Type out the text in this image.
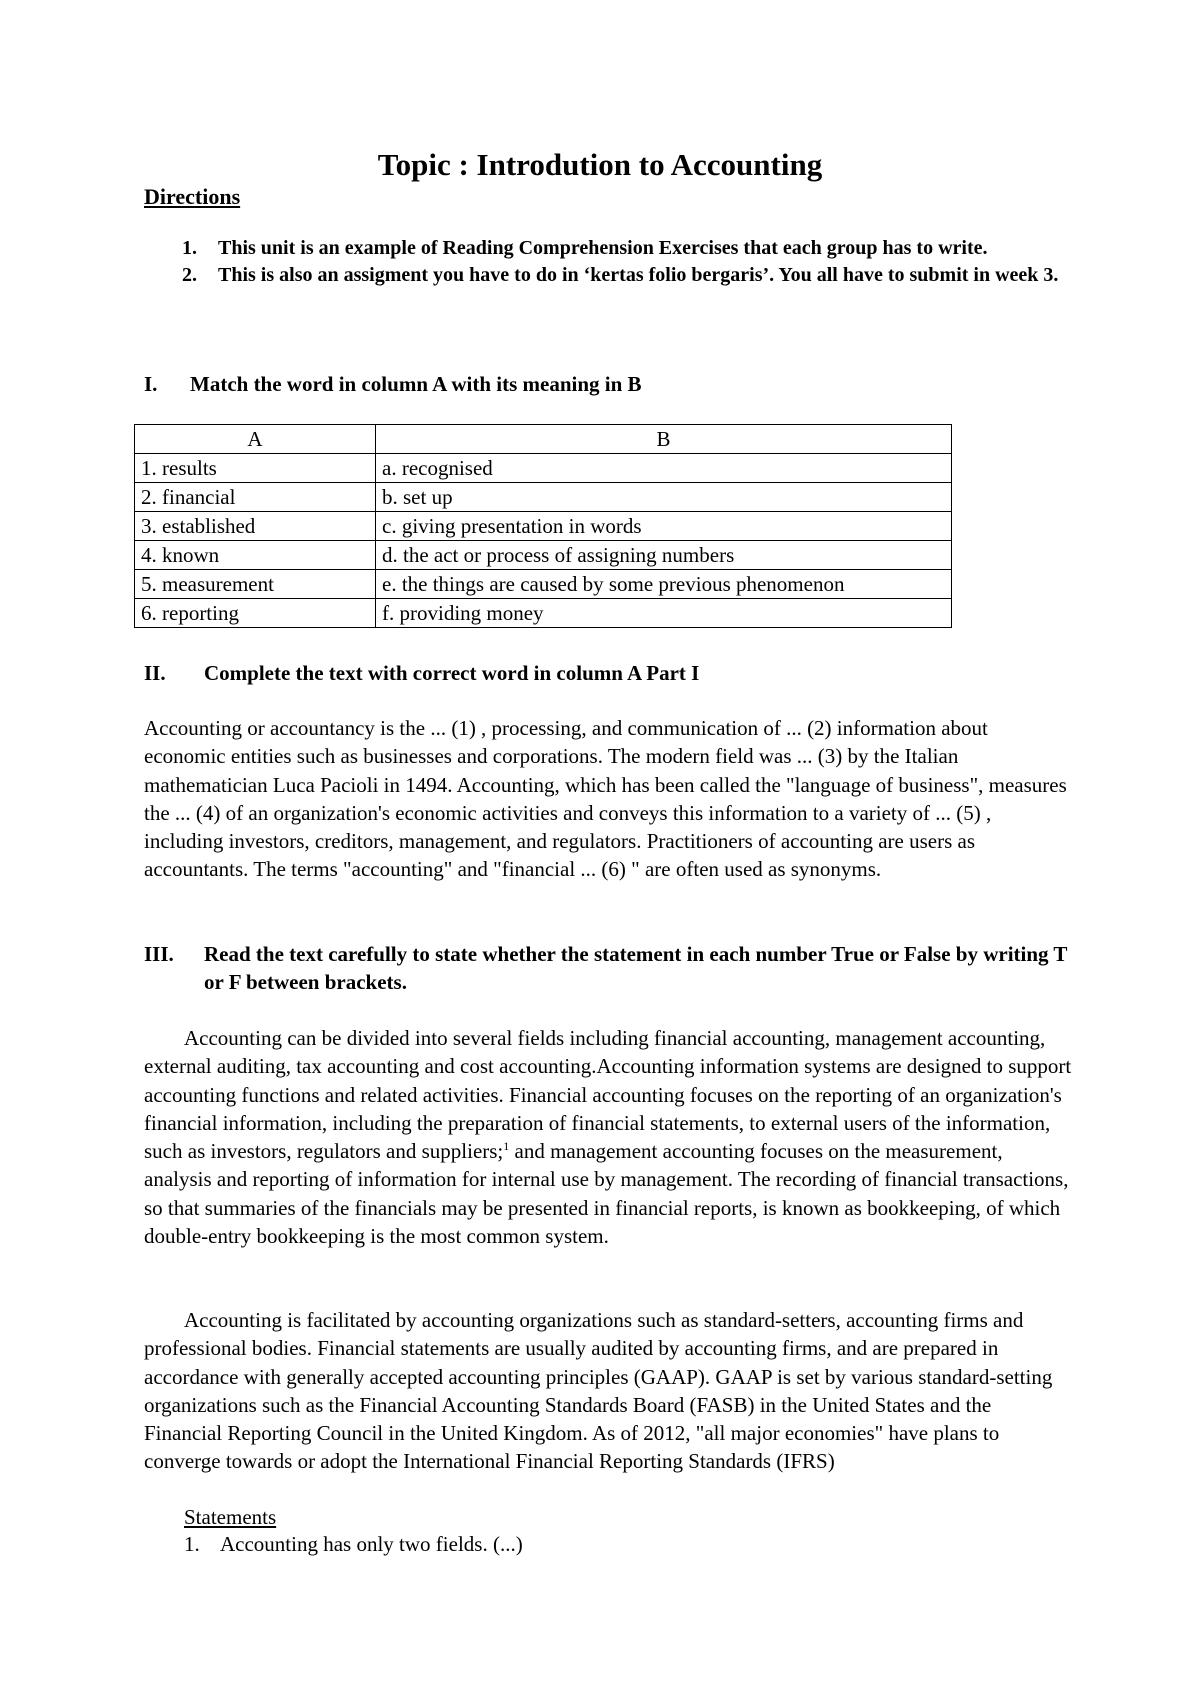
Topic : Introdution to Accounting
Directions
1. This unit is an example of Reading Comprehension Exercises that each group has to write.
2. This is also an assigment you have to do in ‘kertas folio bergaris’. You all have to submit in week 3.
I.	Match the word in column A with its meaning in B
A	B
1. results	a. recognised
2. financial	b. set up
3. established	c. giving presentation in words
4. known	d. the act or process of assigning numbers
5. measurement	e. the things are caused by some previous phenomenon
6. reporting	f. providing money
II.	Complete the text with correct word in column A Part I

Accounting or accountancy is the ... (1) , processing, and communication of ... (2) information about economic entities such as businesses and corporations. The modern field was ... (3) by the Italian mathematician Luca Pacioli in 1494. Accounting, which has been called the "language of business", measures the ... (4) of an organization's economic activities and conveys this information to a variety of ... (5) , including investors, creditors, management, and regulators. Practitioners of accounting are users as accountants. The terms "accounting" and "financial ... (6) " are often used as synonyms.

III.	Read the text carefully to state whether the statement in each number True or False by writing T or F between brackets.

Accounting can be divided into several fields including financial accounting, management accounting, external auditing, tax accounting and cost accounting.Accounting information systems are designed to support accounting functions and related activities. Financial accounting focuses on the reporting of an organization's financial information, including the preparation of financial statements, to external users of the information, such as investors, regulators and suppliers;$^1$ and management accounting focuses on the measurement, analysis and reporting of information for internal use by management. The recording of financial transactions, so that summaries of the financials may be presented in financial reports, is known as bookkeeping, of which double-entry bookkeeping is the most common system.

Accounting is facilitated by accounting organizations such as standard-setters, accounting firms and professional bodies. Financial statements are usually audited by accounting firms, and are prepared in accordance with generally accepted accounting principles (GAAP). GAAP is set by various standard-setting organizations such as the Financial Accounting Standards Board (FASB) in the United States and the Financial Reporting Council in the United Kingdom. As of 2012, "all major economies" have plans to converge towards or adopt the International Financial Reporting Standards (IFRS)

Statements
1. Accounting has only two fields. (...)
